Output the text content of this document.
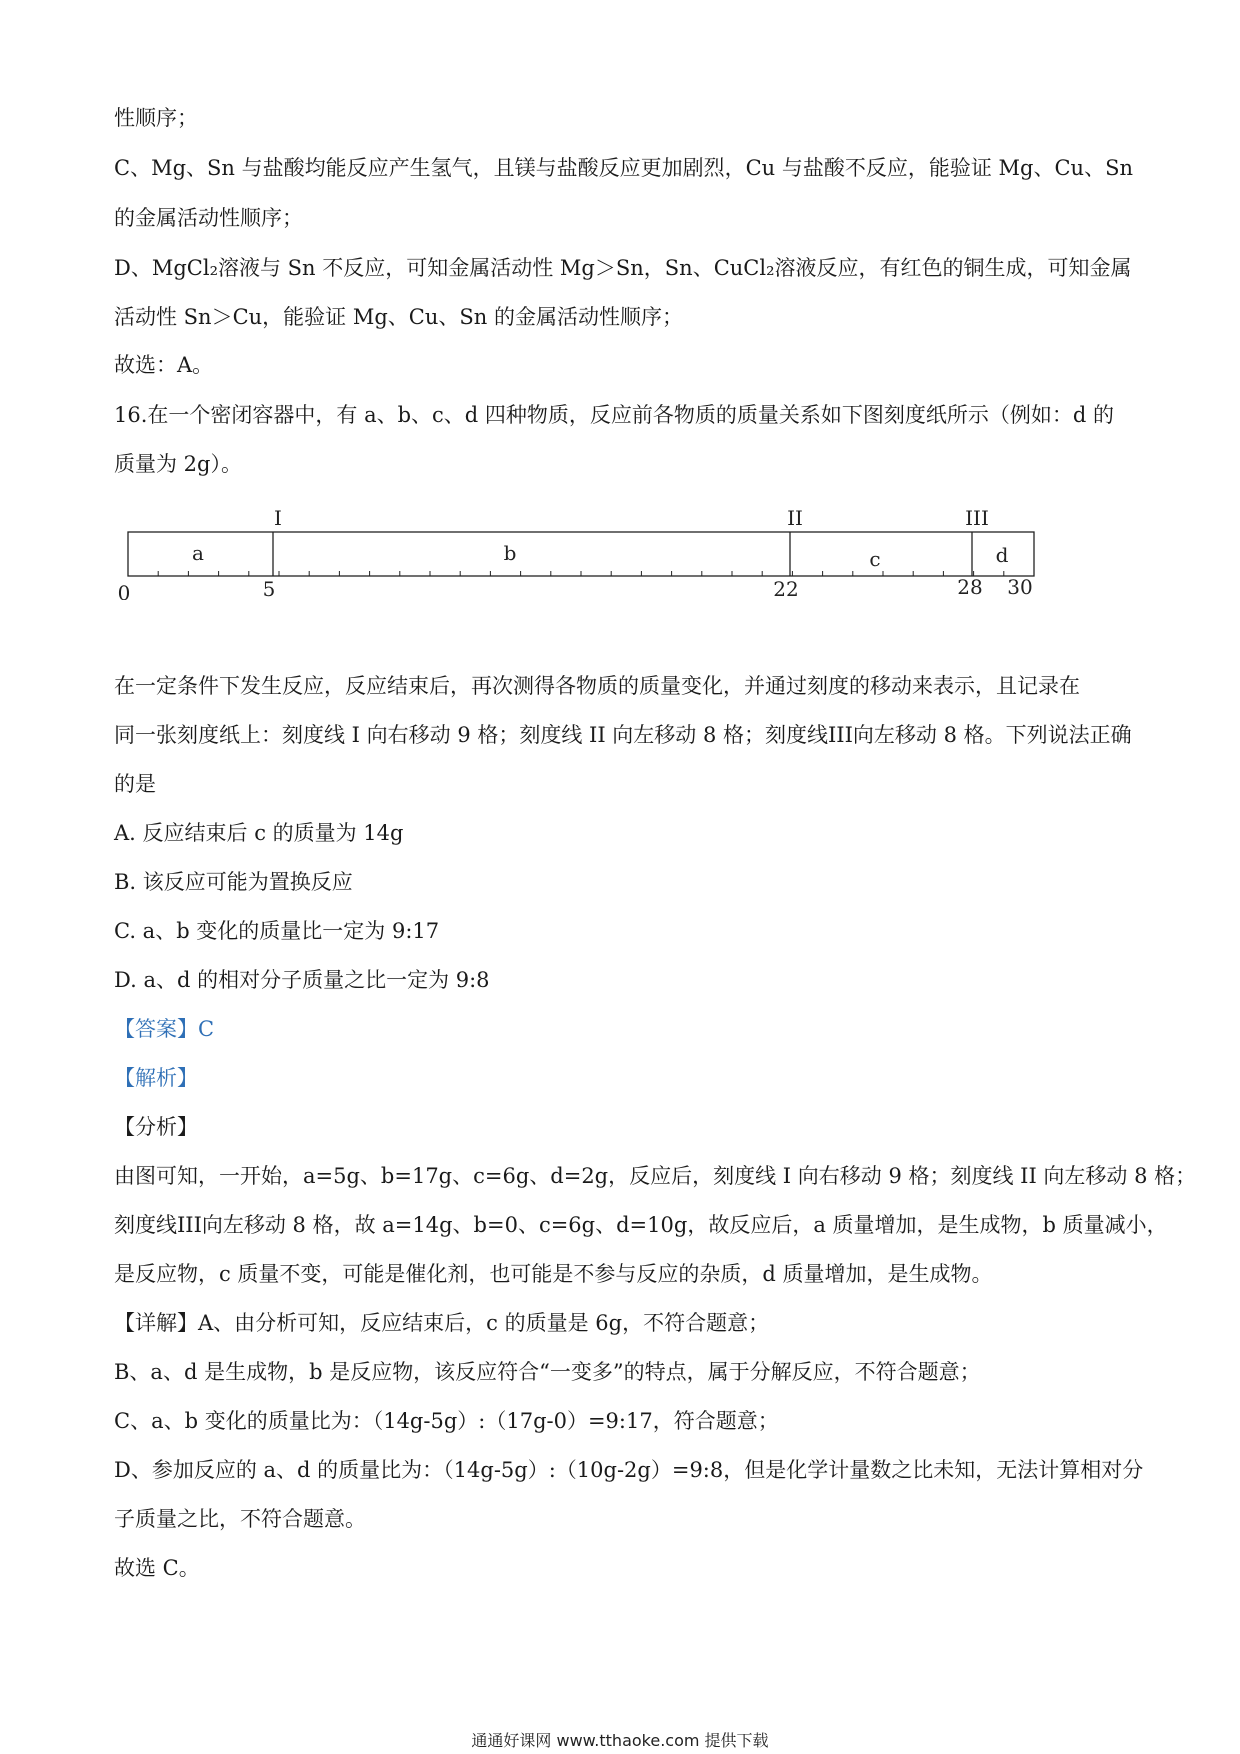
性顺序；
C、Mg、Sn 与盐酸均能反应产生氢气，且镁与盐酸反应更加剧烈，Cu 与盐酸不反应，能验证 Mg、Cu、Sn
的金属活动性顺序；
D、MgCl₂溶液与 Sn 不反应，可知金属活动性 Mg＞Sn，Sn、CuCl₂溶液反应，有红色的铜生成，可知金属
活动性 Sn＞Cu，能验证 Mg、Cu、Sn 的金属活动性顺序；
故选：A。
16.在一个密闭容器中，有 a、b、c、d 四种物质，反应前各物质的质量关系如下图刻度纸所示（例如：d 的
质量为 2g）。
I	II	III
a	b	c	d
0	5	22	28 30
在一定条件下发生反应，反应结束后，再次测得各物质的质量变化，并通过刻度的移动来表示，且记录在
同一张刻度纸上：刻度线 I 向右移动 9 格；刻度线 II 向左移动 8 格；刻度线III向左移动 8 格。下列说法正确
的是
A. 反应结束后 c 的质量为 14g
B. 该反应可能为置换反应
C. a、b 变化的质量比一定为 9:17
D. a、d 的相对分子质量之比一定为 9:8
【答案】C
【解析】
【分析】
由图可知，一开始，a=5g、b=17g、c=6g、d=2g，反应后，刻度线 I 向右移动 9 格；刻度线 II 向左移动 8 格；
刻度线III向左移动 8 格，故 a=14g、b=0、c=6g、d=10g，故反应后，a 质量增加，是生成物，b 质量减小，
是反应物，c 质量不变，可能是催化剂，也可能是不参与反应的杂质，d 质量增加，是生成物。
【详解】A、由分析可知，反应结束后，c 的质量是 6g，不符合题意；
B、a、d 是生成物，b 是反应物，该反应符合“一变多”的特点，属于分解反应，不符合题意；
C、a、b 变化的质量比为：（14g-5g）:（17g-0）=9:17，符合题意；
D、参加反应的 a、d 的质量比为：（14g-5g）:（10g-2g）=9:8，但是化学计量数之比未知，无法计算相对分
子质量之比，不符合题意。
故选 C。
通通好课网 www.tthaoke.com 提供下载
